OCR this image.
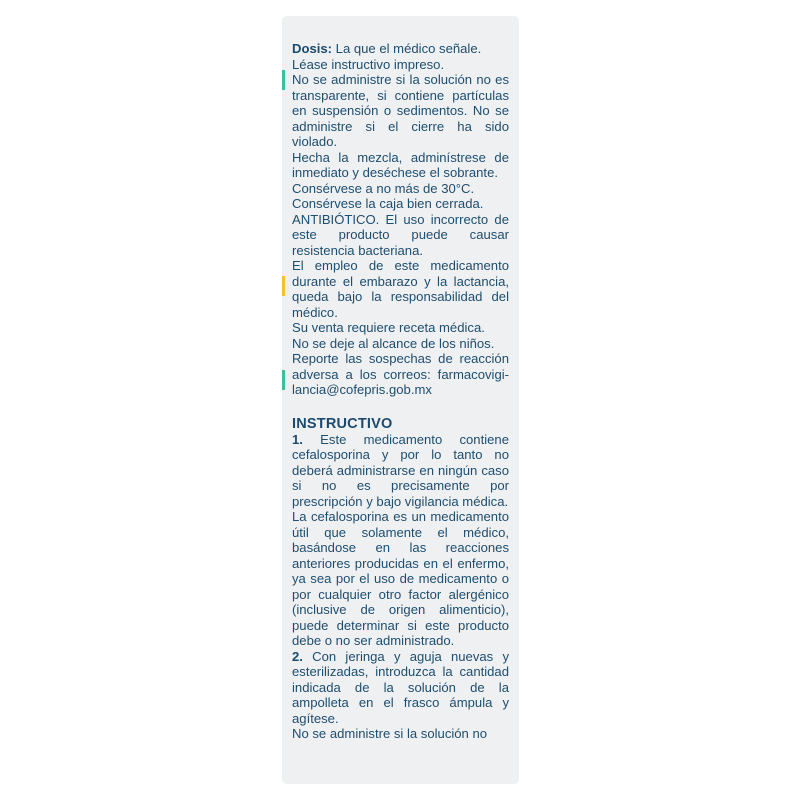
Dosis: La que el médico señale.

Léase instructivo impreso.

No se administre si la solución no es transparente, si contiene partículas en suspensión o sedimentos. No se administre si el cierre ha sido violado.

Hecha la mezcla, adminístrese de inmediato y deséchese el sobrante.

Consérvese a no más de 30°C.

Consérvese la caja bien cerrada.

ANTIBIÓTICO. El uso incorrecto de este producto puede causar resistencia bacteriana.

El empleo de este medicamento durante el embarazo y la lactancia, queda bajo la responsabilidad del médico.

Su venta requiere receta médica.

No se deje al alcance de los niños.

Reporte las sospechas de reacción adversa a los correos: farmacovigi-lancia@cofepris.gob.mx

INSTRUCTIVO

1. Este medicamento contiene cefalosporina y por lo tanto no deberá administrarse en ningún caso si no es precisamente por prescripción y bajo vigilancia médica.

La cefalosporina es un medicamento útil que solamente el médico, basándose en las reacciones anteriores producidas en el enfermo, ya sea por el uso de medicamento o por cualquier otro factor alergénico (inclusive de origen alimenticio), puede determinar si este producto debe o no ser administrado.

2. Con jeringa y aguja nuevas y esterilizadas, introduzca la cantidad indicada de la solución de la ampolleta en el frasco ámpula y agítese.

No se administre si la solución no
